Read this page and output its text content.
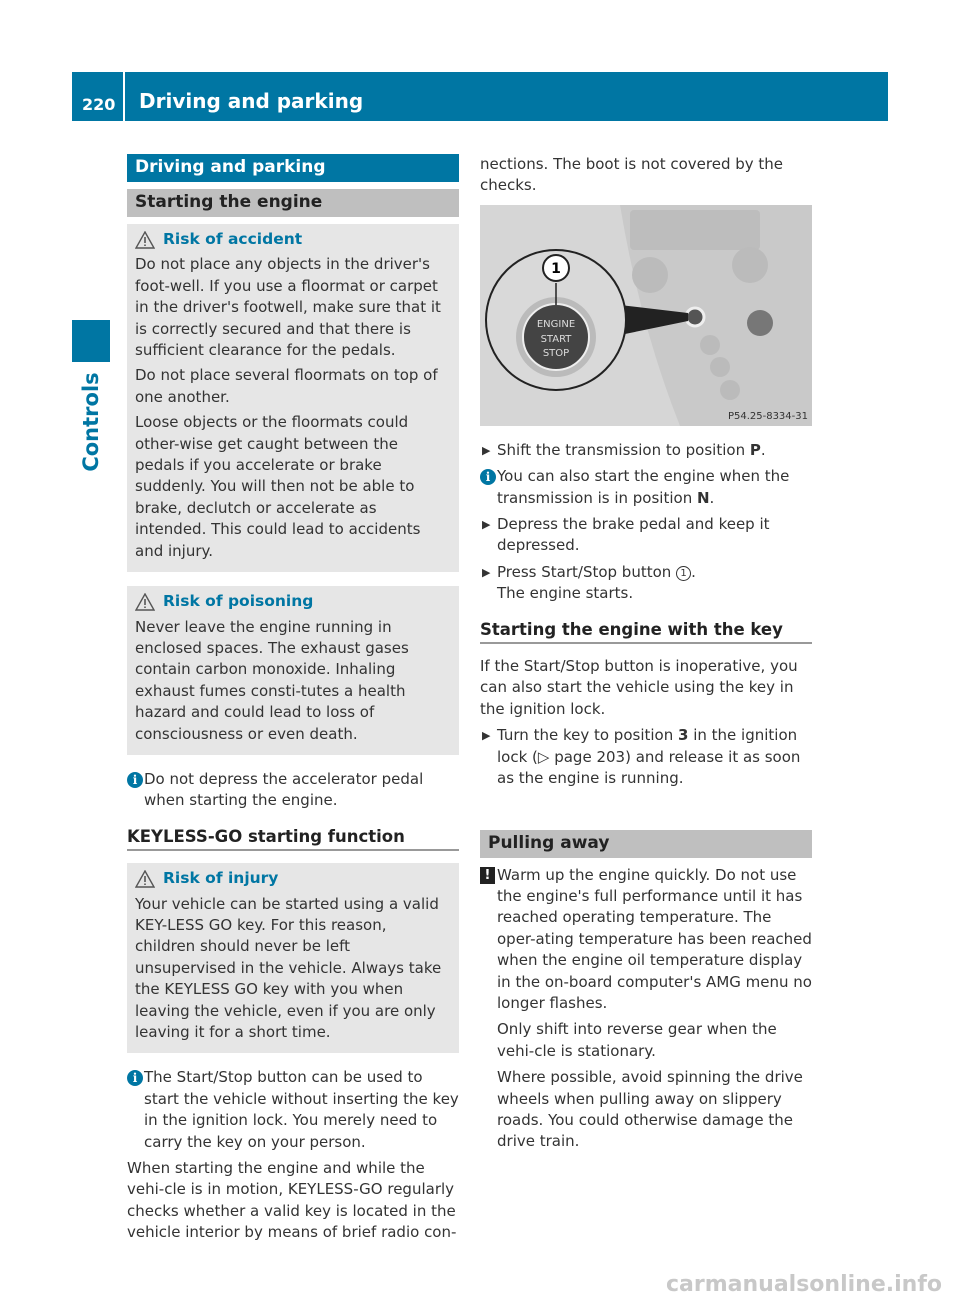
220	Driving and parking
Controls
Driving and parking
Starting the engine
Risk of accident

Do not place any objects in the driver's foot-well. If you use a floormat or carpet in the driver's footwell, make sure that it is correctly secured and that there is sufficient clearance for the pedals.

Do not place several floormats on top of one another.

Loose objects or the floormats could other-wise get caught between the pedals if you accelerate or brake suddenly. You will then not be able to brake, declutch or accelerate as intended. This could lead to accidents and injury.

Risk of poisoning

Never leave the engine running in enclosed spaces. The exhaust gases contain carbon monoxide. Inhaling exhaust fumes consti-tutes a health hazard and could lead to loss of consciousness or even death.

i Do not depress the accelerator pedal when starting the engine.
KEYLESS-GO starting function
Risk of injury

Your vehicle can be started using a valid KEY-LESS GO key. For this reason, children should never be left unsupervised in the vehicle. Always take the KEYLESS GO key with you when leaving the vehicle, even if you are only leaving it for a short time.

i The Start/Stop button can be used to start the vehicle without inserting the key in the ignition lock. You merely need to carry the key on your person.

When starting the engine and while the vehi-cle is in motion, KEYLESS-GO regularly checks whether a valid key is located in the vehicle interior by means of brief radio con-

nections. The boot is not covered by the checks.

1
ENGINE
START
STOP
P54.25-8334-31
▶ Shift the transmission to position P.
i You can also start the engine when the transmission is in position N.
▶ Depress the brake pedal and keep it depressed.
▶ Press Start/Stop button 1 .
The engine starts.
Starting the engine with the key

If the Start/Stop button is inoperative, you can also start the vehicle using the key in the ignition lock.

▶ Turn the key to position 3 in the ignition lock (▷ page 203) and release it as soon as the engine is running.
Pulling away
! Warm up the engine quickly. Do not use the engine's full performance until it has reached operating temperature. The oper-ating temperature has been reached when the engine oil temperature display in the on-board computer's AMG menu no longer flashes.

Only shift into reverse gear when the vehi-cle is stationary.

Where possible, avoid spinning the drive wheels when pulling away on slippery roads. You could otherwise damage the drive train.

carmanualsonline.info
